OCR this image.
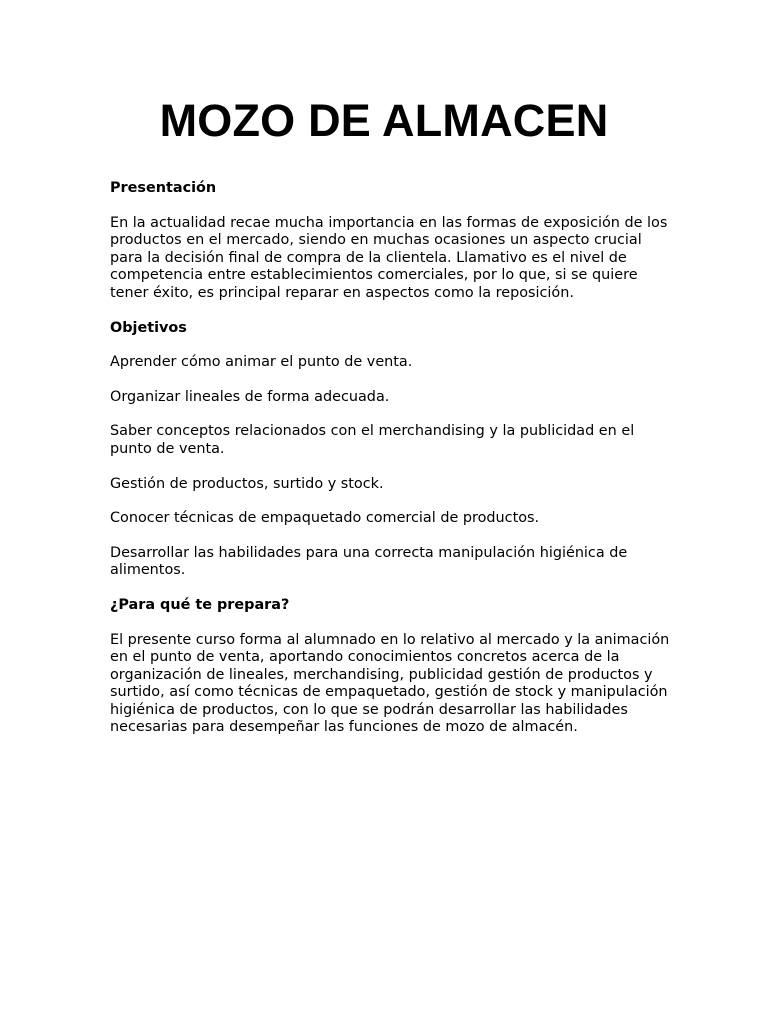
MOZO DE ALMACEN
Presentación

En la actualidad recae mucha importancia en las formas de exposición de los productos en el mercado, siendo en muchas ocasiones un aspecto crucial para la decisión final de compra de la clientela. Llamativo es el nivel de competencia entre establecimientos comerciales, por lo que, si se quiere tener éxito, es principal reparar en aspectos como la reposición.

Objetivos

Aprender cómo animar el punto de venta.

Organizar lineales de forma adecuada.

Saber conceptos relacionados con el merchandising y la publicidad en el punto de venta.

Gestión de productos, surtido y stock.

Conocer técnicas de empaquetado comercial de productos.

Desarrollar las habilidades para una correcta manipulación higiénica de alimentos.

¿Para qué te prepara?

El presente curso forma al alumnado en lo relativo al mercado y la animación en el punto de venta, aportando conocimientos concretos acerca de la organización de lineales, merchandising, publicidad gestión de productos y surtido, así como técnicas de empaquetado, gestión de stock y manipulación higiénica de productos, con lo que se podrán desarrollar las habilidades necesarias para desempeñar las funciones de mozo de almacén.
